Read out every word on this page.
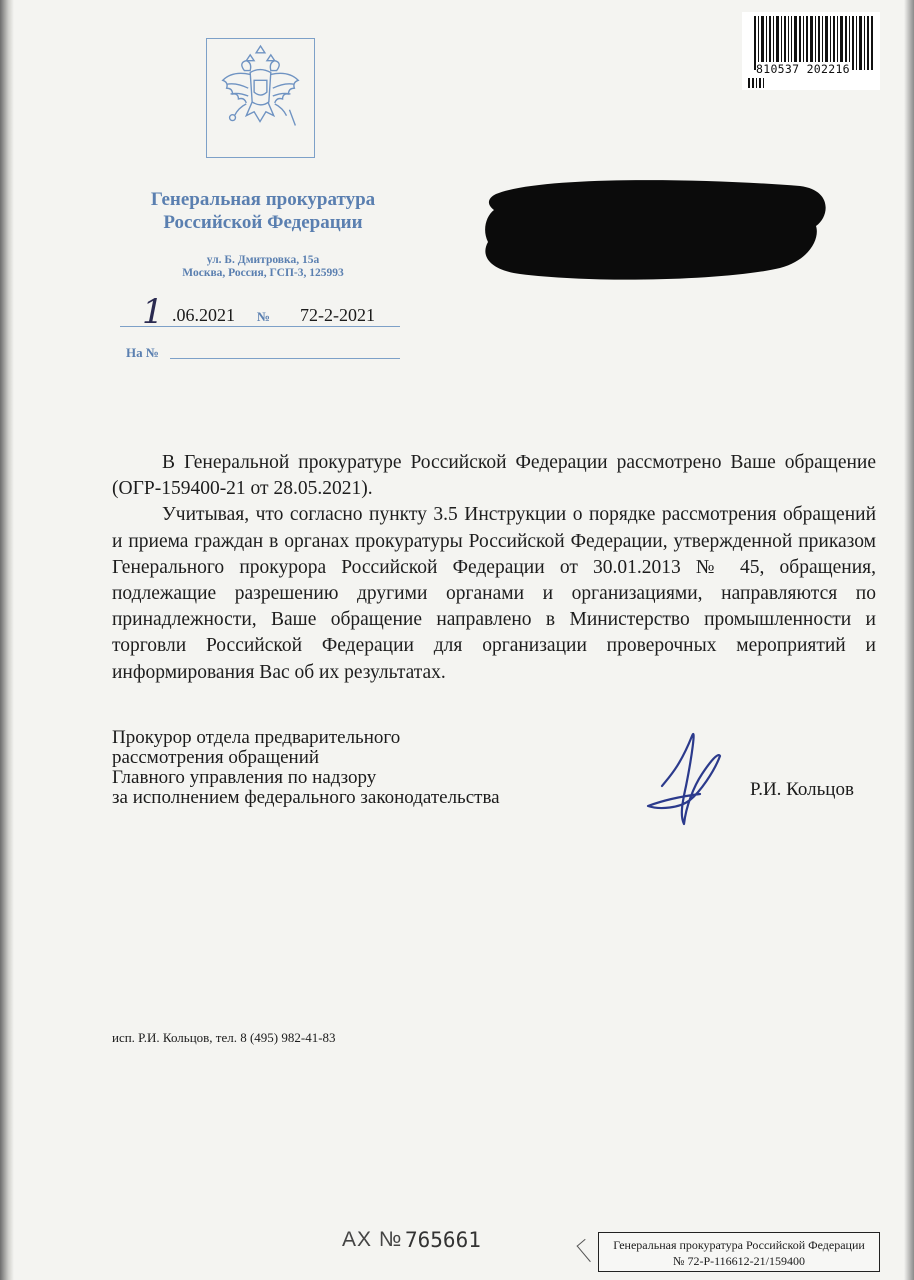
Генеральная прокуратура
Российской Федерации
ул. Б. Дмитровка, 15а
Москва, Россия, ГСП-3, 125993
1 .06.2021 № 72-2-2021
На №
810537 202216

В Генеральной прокуратуре Российской Федерации рассмотрено Ваше обращение (ОГР-159400-21 от 28.05.2021).

Учитывая, что согласно пункту 3.5 Инструкции о порядке рассмотрения обращений и приема граждан в органах прокуратуры Российской Федерации, утвержденной приказом Генерального прокурора Российской Федерации от 30.01.2013 № 45, обращения, подлежащие разрешению другими органами и организациями, направляются по принадлежности, Ваше обращение направлено в Министерство промышленности и торговли Российской Федерации для организации проверочных мероприятий и информирования Вас об их результатах.

Прокурор отдела предварительного
рассмотрения обращений
Главного управления по надзору
за исполнением федерального законодательства	Р.И. Кольцов
исп. Р.И. Кольцов, тел. 8 (495) 982-41-83
АХ № 765661	Генеральная прокуратура Российской Федерации
№ 72-Р-116612-21/159400
